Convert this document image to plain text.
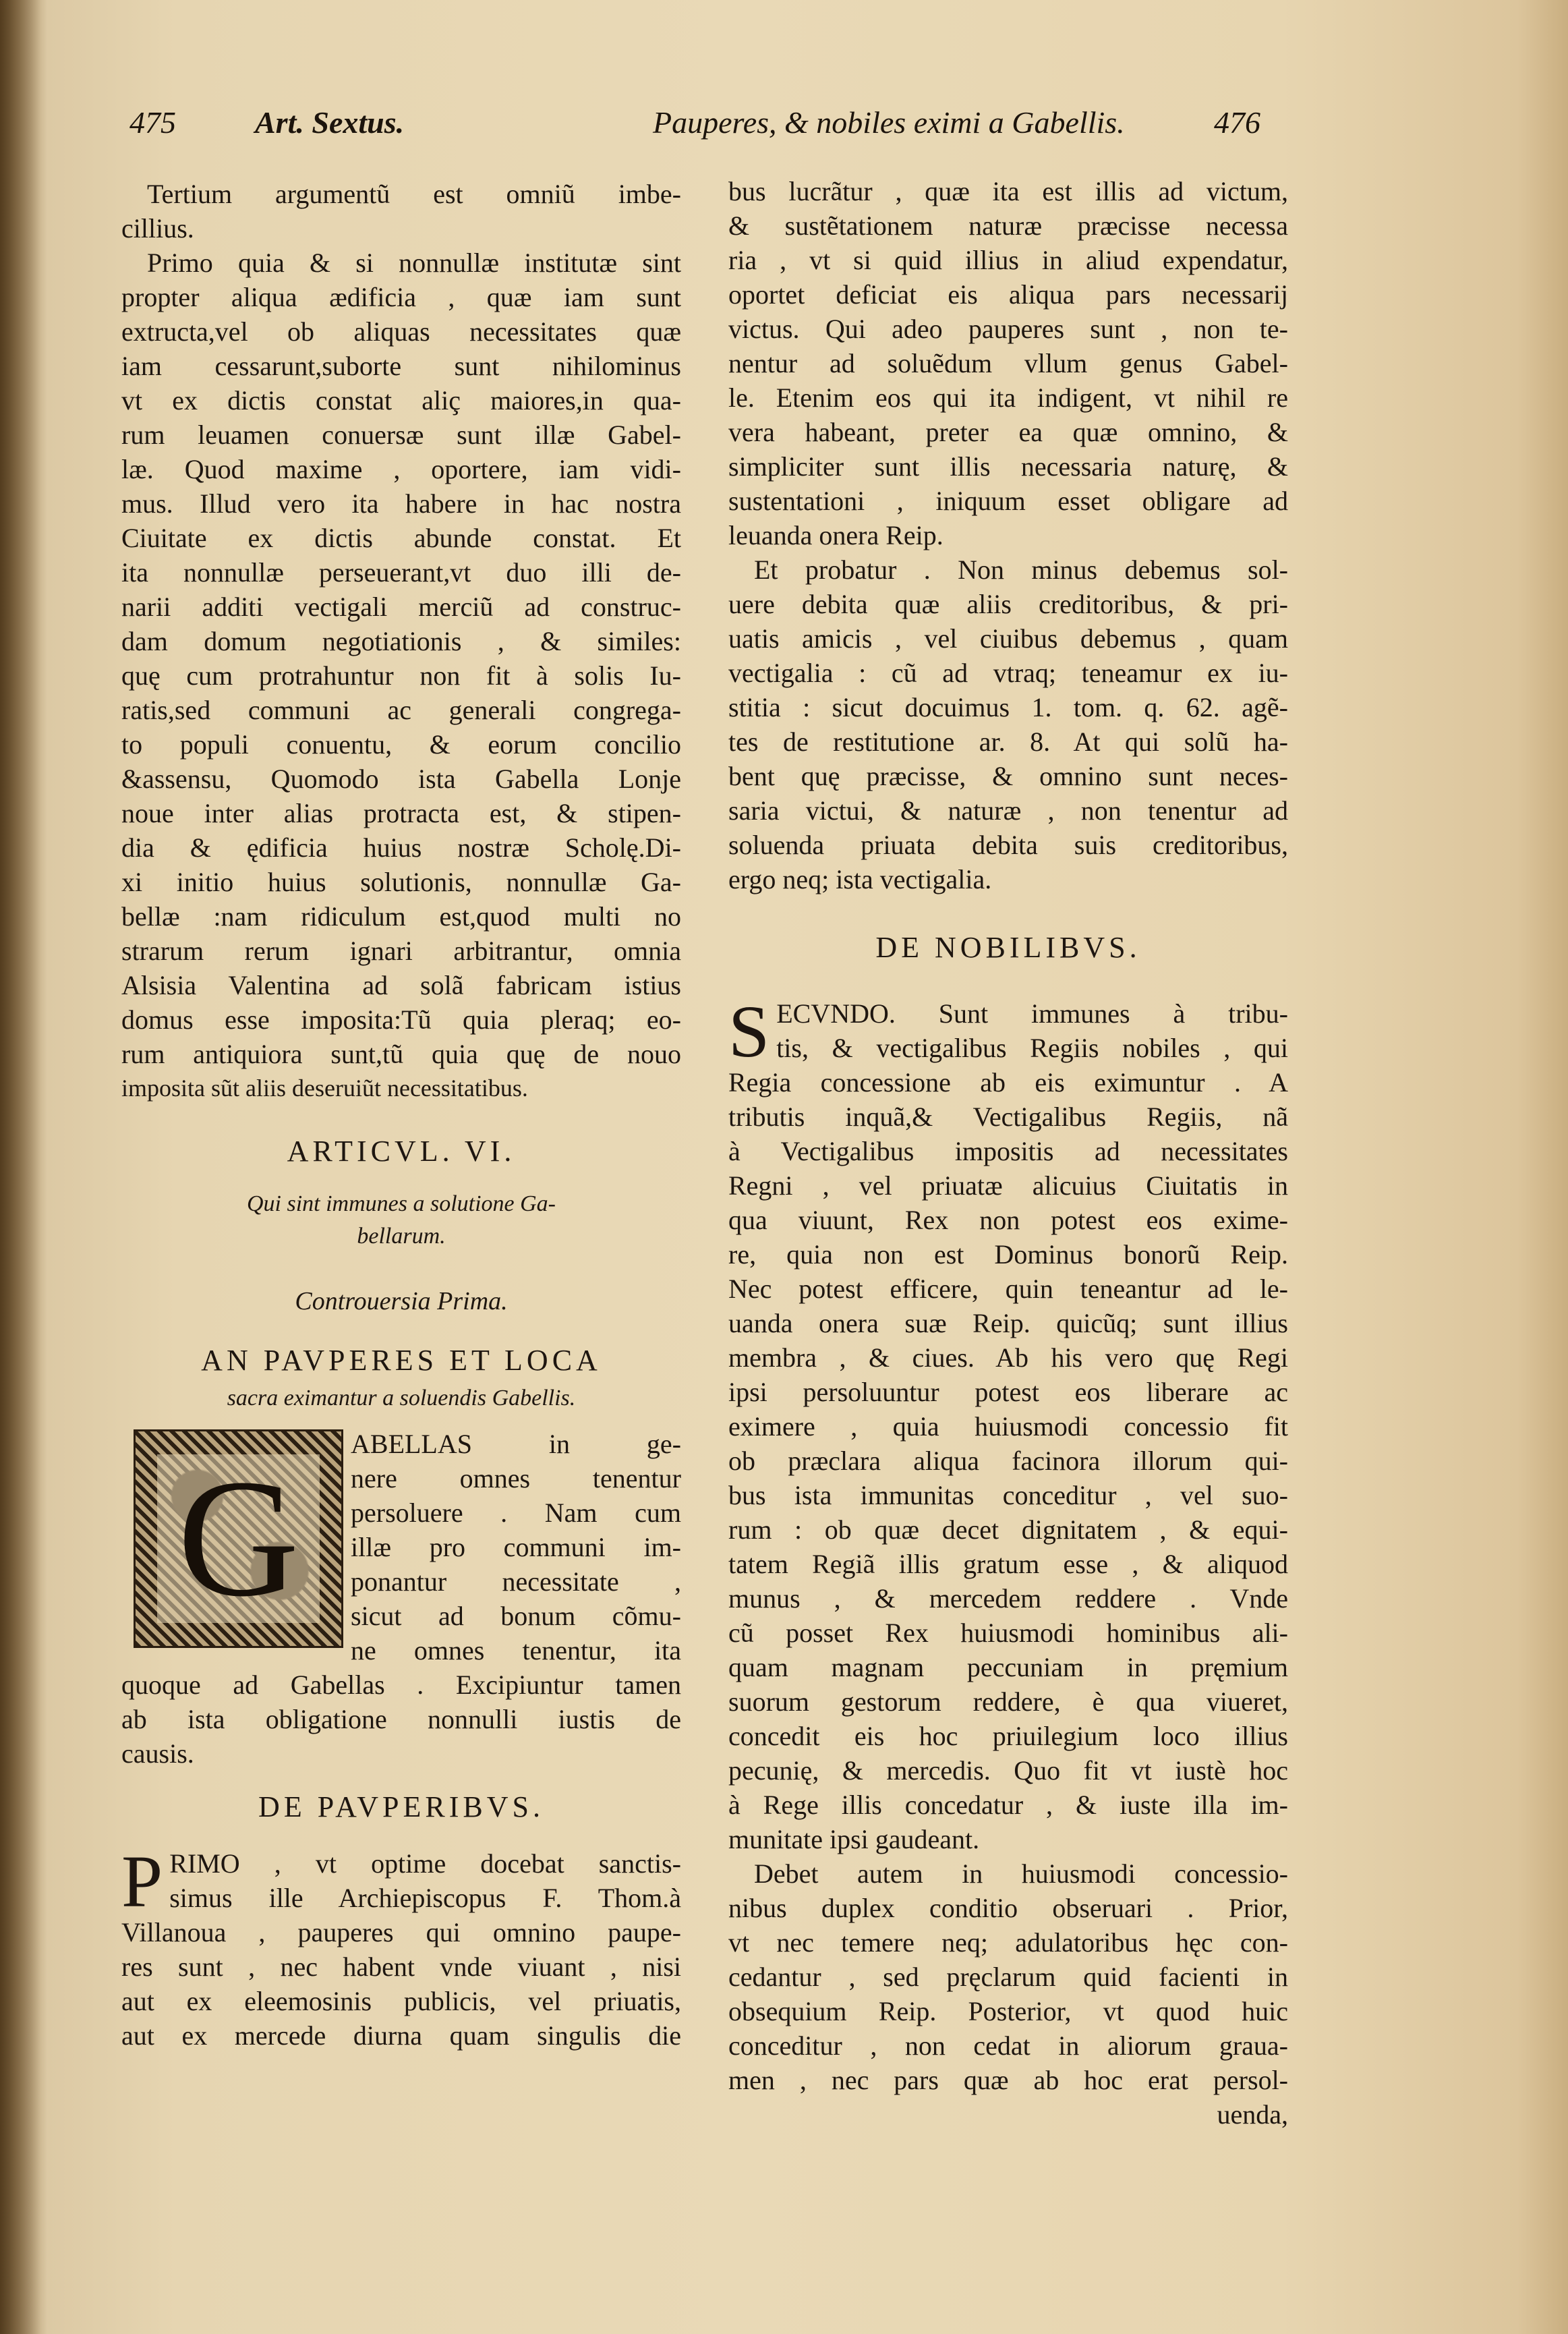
475	Art. Sextus.	Pauperes, & nobiles eximi a Gabellis.	476
Tertium argumentũ est omniũ imbe-
cillius.
Primo quia & si nonnullæ institutæ sint
propter aliqua ædificia , quæ iam sunt
extructa,vel ob aliquas necessitates quæ
iam cessarunt,suborte sunt nihilominus
vt ex dictis constat aliç maiores,in qua-
rum leuamen conuersæ sunt illæ Gabel-
læ. Quod maxime , oportere, iam vidi-
mus. Illud vero ita habere in hac nostra
Ciuitate ex dictis abunde constat. Et
ita nonnullæ perseuerant,vt duo illi de-
narii additi vectigali merciũ ad construc-
dam domum negotiationis , & similes:
quę cum protrahuntur non fit à solis Iu-
ratis,sed communi ac generali congrega-
to populi conuentu, & eorum concilio
&assensu, Quomodo ista Gabella Lonje
noue inter alias protracta est, & stipen-
dia & ędificia huius nostræ Scholę.Di-
xi initio huius solutionis, nonnullæ Ga-
bellæ :nam ridiculum est,quod multi no
strarum rerum ignari arbitrantur, omnia
Alsisia Valentina ad solã fabricam istius
domus esse imposita:Tũ quia pleraq; eo-
rum antiquiora sunt,tũ quia quę de nouo
imposita sũt aliis deseruiũt necessitatibus.
ARTICVL. VI.
Qui sint immunes a solutione Ga-
bellarum.
Controuersia Prima.
AN PAVPERES ET LOCA
sacra eximantur a soluendis Gabellis.
G
ABELLAS in ge-
nere omnes tenentur
persoluere . Nam cum
illæ pro communi im-
ponantur necessitate ,
sicut ad bonum cõmu-
ne omnes tenentur, ita
quoque ad Gabellas . Excipiuntur tamen
ab ista obligatione nonnulli iustis de
causis.
DE PAVPERIBVS.
P RIMO , vt optime docebat sanctis-
simus ille Archiepiscopus F. Thom.à
Villanoua , pauperes qui omnino paupe-
res sunt , nec habent vnde viuant , nisi
aut ex eleemosinis publicis, vel priuatis,
aut ex mercede diurna quam singulis die
bus lucrãtur , quæ ita est illis ad victum,
& sustẽtationem naturæ præcisse necessa
ria , vt si quid illius in aliud expendatur,
oportet deficiat eis aliqua pars necessarij
victus. Qui adeo pauperes sunt , non te-
nentur ad soluẽdum vllum genus Gabel-
le. Etenim eos qui ita indigent, vt nihil re
vera habeant, preter ea quæ omnino, &
simpliciter sunt illis necessaria naturę, &
sustentationi , iniquum esset obligare ad
leuanda onera Reip.
Et probatur . Non minus debemus sol-
uere debita quæ aliis creditoribus, & pri-
uatis amicis , vel ciuibus debemus , quam
vectigalia : cũ ad vtraq; teneamur ex iu-
stitia : sicut docuimus 1. tom. q. 62. agẽ-
tes de restitutione ar. 8. At qui solũ ha-
bent quę præcisse, & omnino sunt neces-
saria victui, & naturæ , non tenentur ad
soluenda priuata debita suis creditoribus,
ergo neq; ista vectigalia.
DE NOBILIBVS.
S ECVNDO. Sunt immunes à tribu-
tis, & vectigalibus Regiis nobiles , qui
Regia concessione ab eis eximuntur . A
tributis inquã,& Vectigalibus Regiis, nã
à Vectigalibus impositis ad necessitates
Regni , vel priuatæ alicuius Ciuitatis in
qua viuunt, Rex non potest eos exime-
re, quia non est Dominus bonorũ Reip.
Nec potest efficere, quin teneantur ad le-
uanda onera suæ Reip. quicũq; sunt illius
membra , & ciues. Ab his vero quę Regi
ipsi persoluuntur potest eos liberare ac
eximere , quia huiusmodi concessio fit
ob præclara aliqua facinora illorum qui-
bus ista immunitas conceditur , vel suo-
rum : ob quæ decet dignitatem , & equi-
tatem Regiã illis gratum esse , & aliquod
munus , & mercedem reddere . Vnde
cũ posset Rex huiusmodi hominibus ali-
quam magnam peccuniam in pręmium
suorum gestorum reddere, è qua viueret,
concedit eis hoc priuilegium loco illius
pecunię, & mercedis. Quo fit vt iustè hoc
à Rege illis concedatur , & iuste illa im-
munitate ipsi gaudeant.
Debet autem in huiusmodi concessio-
nibus duplex conditio obseruari . Prior,
vt nec temere neq; adulatoribus hęc con-
cedantur , sed pręclarum quid facienti in
obsequium Reip. Posterior, vt quod huic
conceditur , non cedat in aliorum graua-
men , nec pars quæ ab hoc erat persol-
uenda,
